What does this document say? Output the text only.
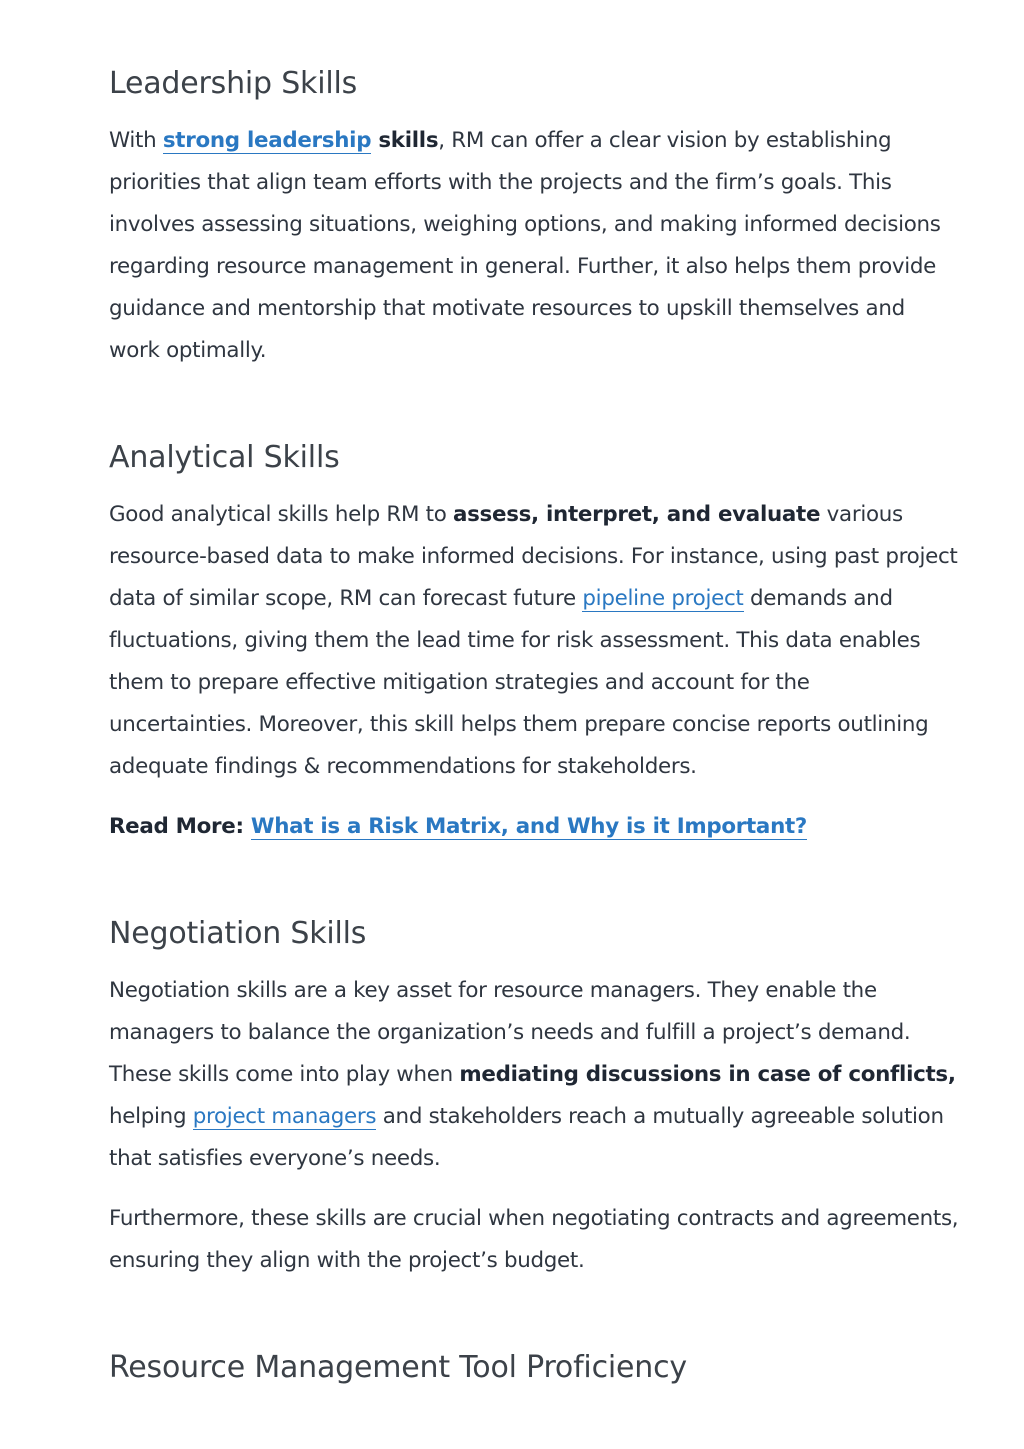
Leadership Skills

With strong leadership skills, RM can offer a clear vision by establishing priorities that align team efforts with the projects and the firm’s goals. This involves assessing situations, weighing options, and making informed decisions regarding resource management in general. Further, it also helps them provide guidance and mentorship that motivate resources to upskill themselves and work optimally.

Analytical Skills

Good analytical skills help RM to assess, interpret, and evaluate various resource-based data to make informed decisions. For instance, using past project data of similar scope, RM can forecast future pipeline project demands and fluctuations, giving them the lead time for risk assessment. This data enables them to prepare effective mitigation strategies and account for the uncertainties. Moreover, this skill helps them prepare concise reports outlining adequate findings & recommendations for stakeholders.

Read More: What is a Risk Matrix, and Why is it Important?

Negotiation Skills

Negotiation skills are a key asset for resource managers. They enable the managers to balance the organization’s needs and fulfill a project’s demand. These skills come into play when mediating discussions in case of conflicts, helping project managers and stakeholders reach a mutually agreeable solution that satisfies everyone’s needs.

Furthermore, these skills are crucial when negotiating contracts and agreements, ensuring they align with the project’s budget.

Resource Management Tool Proficiency
